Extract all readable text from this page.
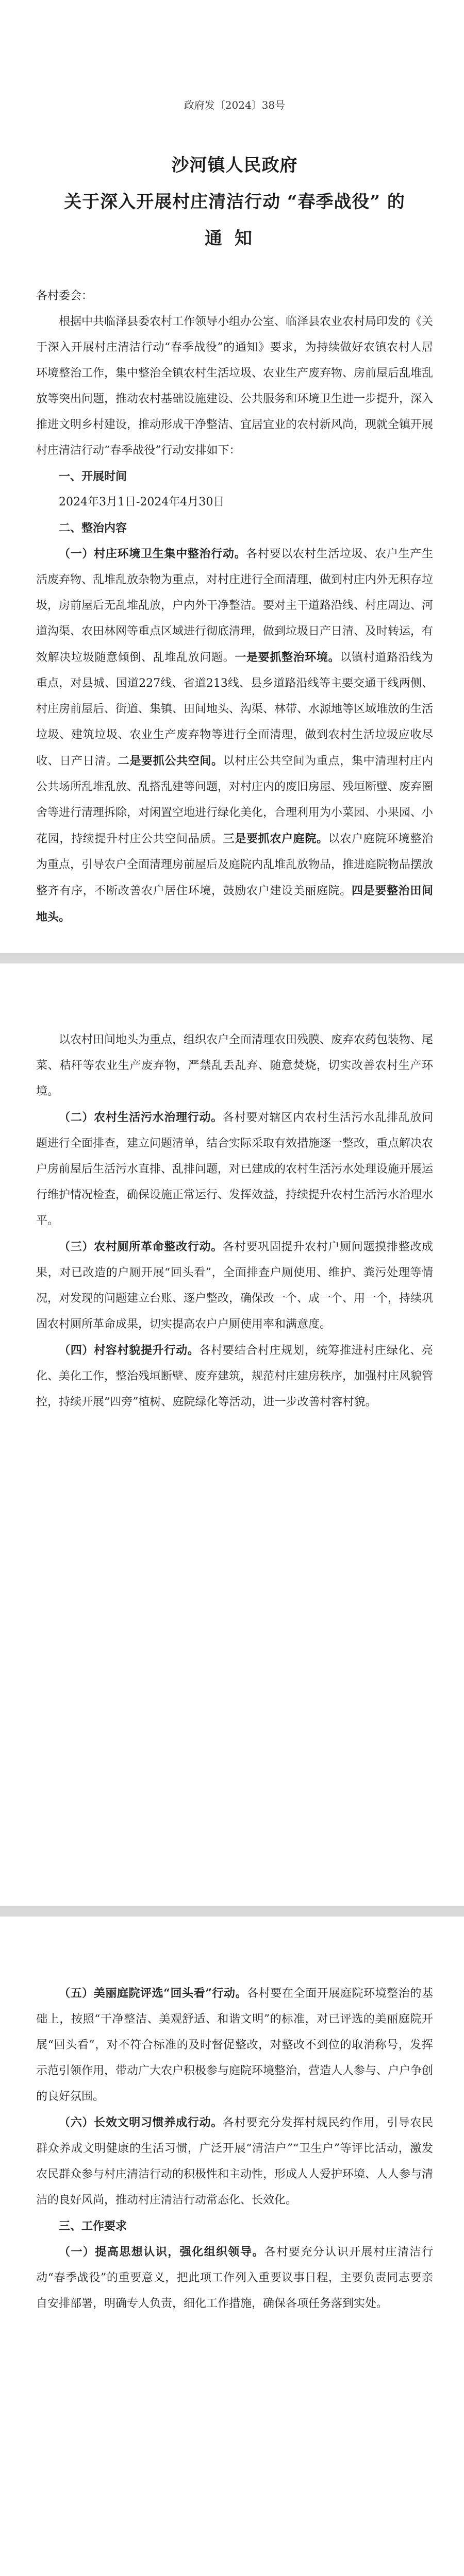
政府发〔2024〕38号
沙河镇人民政府
关于深入开展村庄清洁行动 “春季战役” 的
通知
各村委会：

根据中共临泽县委农村工作领导小组办公室、临泽县农业农村局印发的《关于深入开展村庄清洁行动“春季战役”的通知》要求，为持续做好农镇农村人居环境整治工作，集中整治全镇农村生活垃圾、农业生产废弃物、房前屋后乱堆乱放等突出问题，推动农村基础设施建设、公共服务和环境卫生进一步提升，深入推进文明乡村建设，推动形成干净整洁、宜居宜业的农村新风尚，现就全镇开展村庄清洁行动“春季战役”行动安排如下：

一、开展时间

2024年3月1日-2024年4月30日

二、整治内容

（一）村庄环境卫生集中整治行动。各村要以农村生活垃圾、农户生产生活废弃物、乱堆乱放杂物为重点，对村庄进行全面清理，做到村庄内外无积存垃圾，房前屋后无乱堆乱放，户内外干净整洁。要对主干道路沿线、村庄周边、河道沟渠、农田林网等重点区域进行彻底清理，做到垃圾日产日清、及时转运，有效解决垃圾随意倾倒、乱堆乱放问题。一是要抓整治环境。以镇村道路沿线为重点，对县城、国道227线、省道213线、县乡道路沿线等主要交通干线两侧、村庄房前屋后、街道、集镇、田间地头、沟渠、林带、水源地等区域堆放的生活垃圾、建筑垃圾、农业生产废弃物等进行全面清理，做到农村生活垃圾应收尽收、日产日清。二是要抓公共空间。以村庄公共空间为重点，集中清理村庄内公共场所乱堆乱放、乱搭乱建等问题，对村庄内的废旧房屋、残垣断壁、废弃圈舍等进行清理拆除，对闲置空地进行绿化美化，合理利用为小菜园、小果园、小花园，持续提升村庄公共空间品质。三是要抓农户庭院。以农户庭院环境整治为重点，引导农户全面清理房前屋后及庭院内乱堆乱放物品，推进庭院物品摆放整齐有序，不断改善农户居住环境，鼓励农户建设美丽庭院。四是要整治田间地头。

以农村田间地头为重点，组织农户全面清理农田残膜、废弃农药包装物、尾菜、秸秆等农业生产废弃物，严禁乱丢乱弃、随意焚烧，切实改善农村生产环境。

（二）农村生活污水治理行动。各村要对辖区内农村生活污水乱排乱放问题进行全面排查，建立问题清单，结合实际采取有效措施逐一整改，重点解决农户房前屋后生活污水直排、乱排问题，对已建成的农村生活污水处理设施开展运行维护情况检查，确保设施正常运行、发挥效益，持续提升农村生活污水治理水平。

（三）农村厕所革命整改行动。各村要巩固提升农村户厕问题摸排整改成果，对已改造的户厕开展“回头看”，全面排查户厕使用、维护、粪污处理等情况，对发现的问题建立台账、逐户整改，确保改一个、成一个、用一个，持续巩固农村厕所革命成果，切实提高农户户厕使用率和满意度。

（四）村容村貌提升行动。各村要结合村庄规划，统筹推进村庄绿化、亮化、美化工作，整治残垣断壁、废弃建筑，规范村庄建房秩序，加强村庄风貌管控，持续开展“四旁”植树、庭院绿化等活动，进一步改善村容村貌。

（五）美丽庭院评选“回头看”行动。各村要在全面开展庭院环境整治的基础上，按照“干净整洁、美观舒适、和谐文明”的标准，对已评选的美丽庭院开展“回头看”，对不符合标准的及时督促整改，对整改不到位的取消称号，发挥示范引领作用，带动广大农户积极参与庭院环境整治，营造人人参与、户户争创的良好氛围。

（六）长效文明习惯养成行动。各村要充分发挥村规民约作用，引导农民群众养成文明健康的生活习惯，广泛开展“清洁户”“卫生户”等评比活动，激发农民群众参与村庄清洁行动的积极性和主动性，形成人人爱护环境、人人参与清洁的良好风尚，推动村庄清洁行动常态化、长效化。

三、工作要求

（一）提高思想认识，强化组织领导。各村要充分认识开展村庄清洁行动“春季战役”的重要意义，把此项工作列入重要议事日程，主要负责同志要亲自安排部署，明确专人负责，细化工作措施，确保各项任务落到实处。
